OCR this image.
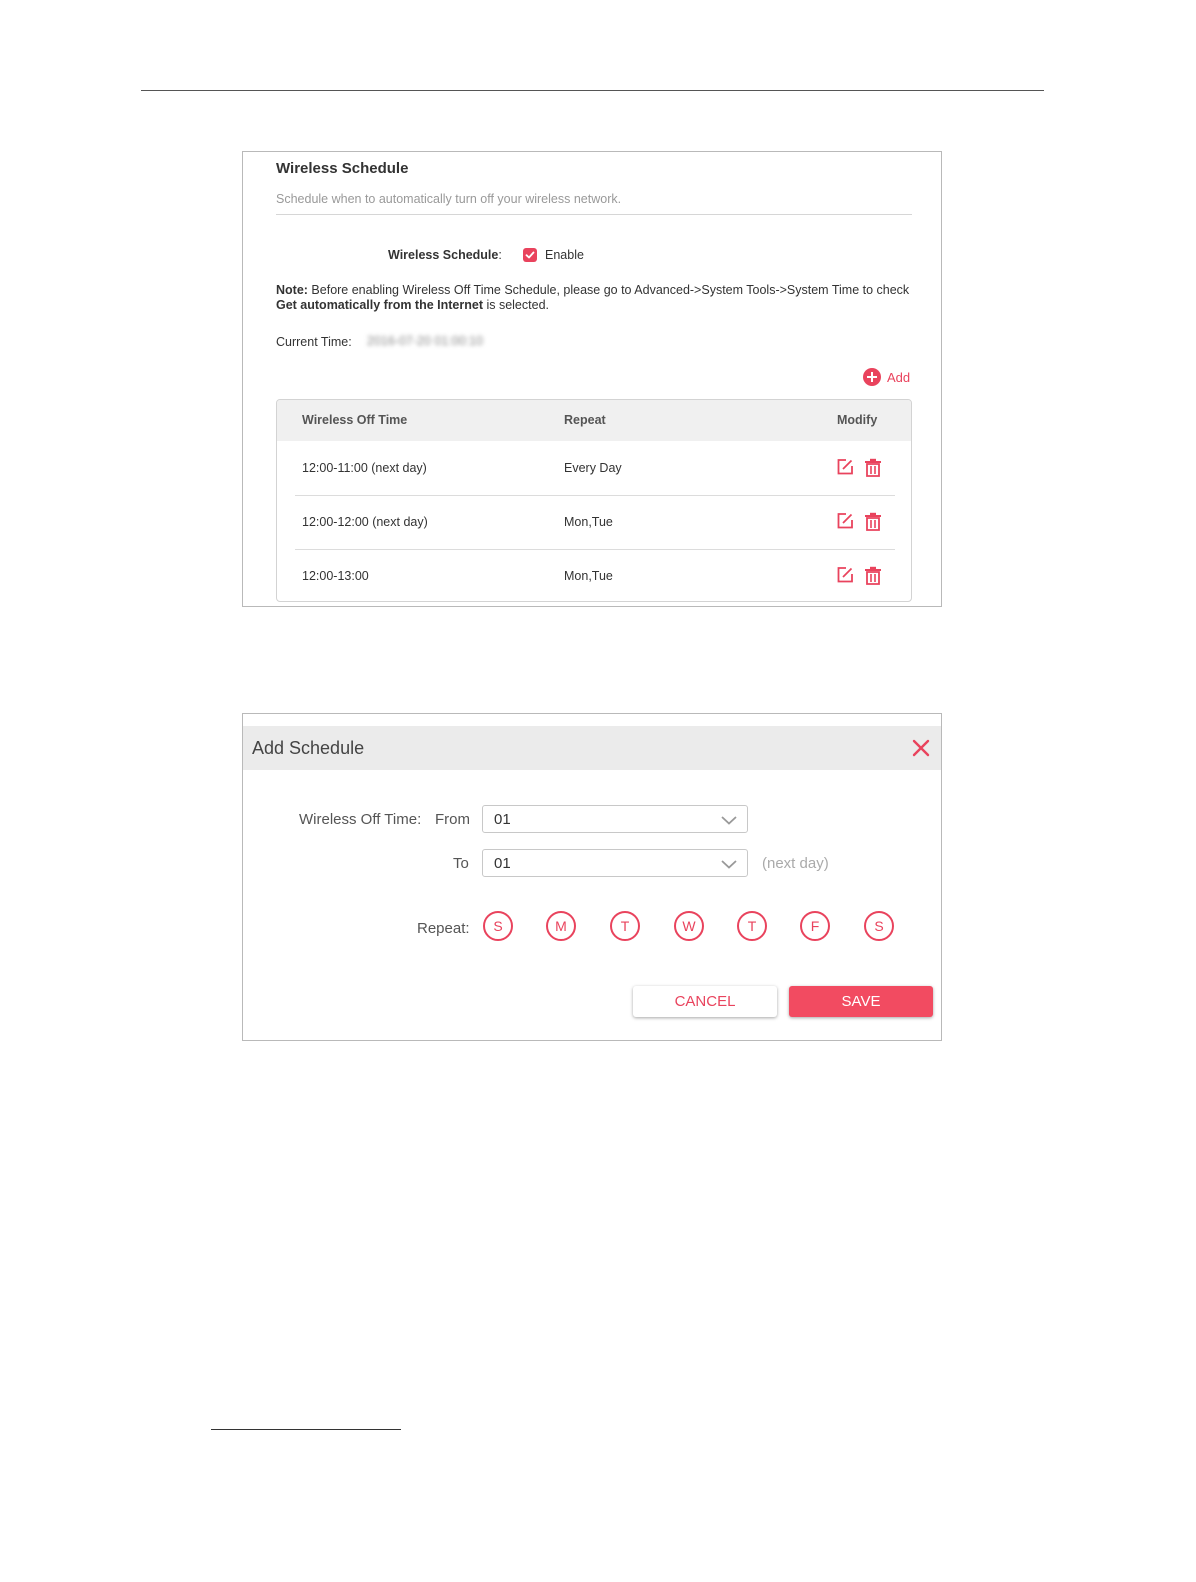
Wireless Schedule
Schedule when to automatically turn off your wireless network.
Wireless Schedule:	Enable
Note: Before enabling Wireless Off Time Schedule, please go to Advanced->System Tools->System Time to check Get automatically from the Internet is selected.
Current Time: 2016-07-20 01:00:10
Add
Wireless Off Time	Repeat	Modify
12:00-11:00 (next day)	Every Day
12:00-12:00 (next day)	Mon,Tue
12:00-13:00	Mon,Tue
Add Schedule
Wireless Off Time: From 01
To 01	(next day)
Repeat:	S	M	T	W	T	F	S
CANCEL	SAVE
